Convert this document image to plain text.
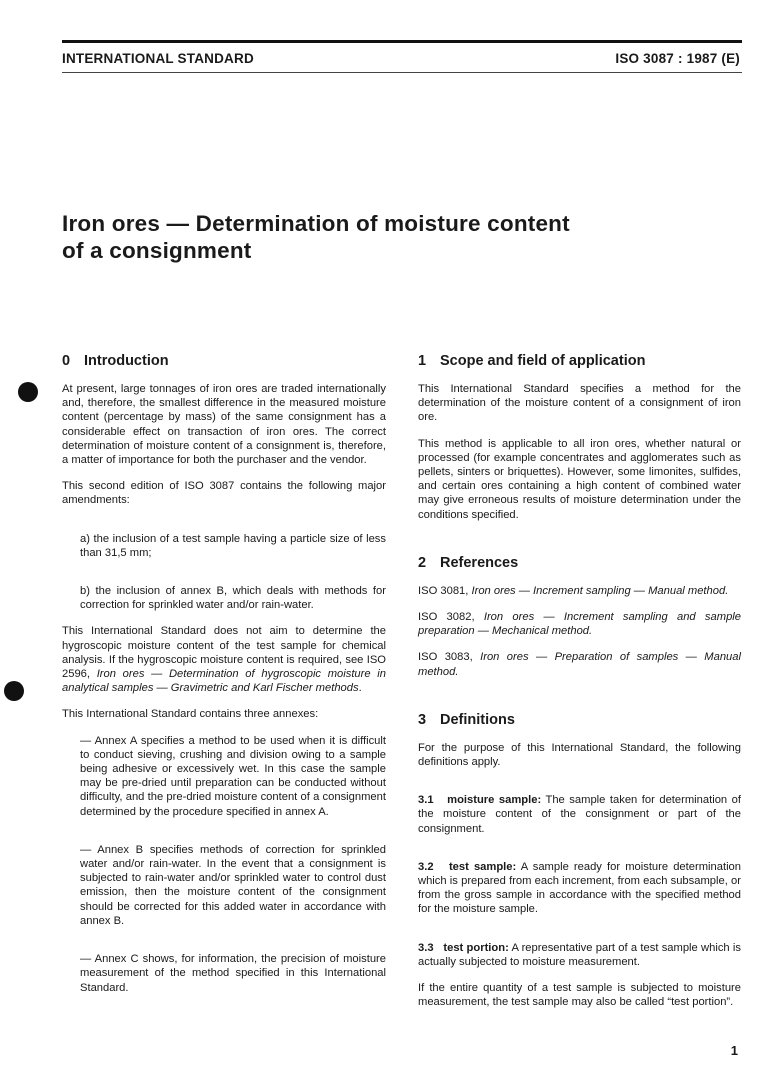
INTERNATIONAL STANDARD	ISO 3087 : 1987 (E)
Iron ores — Determination of moisture content
of a consignment
0 Introduction

At present, large tonnages of iron ores are traded internationally and, therefore, the smallest difference in the measured moisture content (percentage by mass) of the same consignment has a considerable effect on transaction of iron ores. The correct determination of moisture content of a consignment is, therefore, a matter of importance for both the purchaser and the vendor.

This second edition of ISO 3087 contains the following major amendments:

a) the inclusion of a test sample having a particle size of less than 31,5 mm;

b) the inclusion of annex B, which deals with methods for correction for sprinkled water and/or rain-water.

This International Standard does not aim to determine the hygroscopic moisture content of the test sample for chemical analysis. If the hygroscopic moisture content is required, see ISO 2596, Iron ores — Determination of hygroscopic moisture in analytical samples — Gravimetric and Karl Fischer methods.

This International Standard contains three annexes:

— Annex A specifies a method to be used when it is difficult to conduct sieving, crushing and division owing to a sample being adhesive or excessively wet. In this case the sample may be pre-dried until preparation can be conducted without difficulty, and the pre-dried moisture content of a consignment determined by the procedure specified in annex A.

— Annex B specifies methods of correction for sprinkled water and/or rain-water. In the event that a consignment is subjected to rain-water and/or sprinkled water to control dust emission, then the moisture content of the consignment should be corrected for this added water in accordance with annex B.

— Annex C shows, for information, the precision of moisture measurement of the method specified in this International Standard.

1 Scope and field of application

This International Standard specifies a method for the determination of the moisture content of a consignment of iron ore.

This method is applicable to all iron ores, whether natural or processed (for example concentrates and agglomerates such as pellets, sinters or briquettes). However, some limonites, sulfides, and certain ores containing a high content of combined water may give erroneous results of moisture determination under the conditions specified.

2 References

ISO 3081, Iron ores — Increment sampling — Manual method.

ISO 3082, Iron ores — Increment sampling and sample preparation — Mechanical method.

ISO 3083, Iron ores — Preparation of samples — Manual method.

3 Definitions

For the purpose of this International Standard, the following definitions apply.

3.1 moisture sample: The sample taken for determination of the moisture content of the consignment or part of the consignment.

3.2 test sample: A sample ready for moisture determination which is prepared from each increment, from each subsample, or from the gross sample in accordance with the specified method for the moisture sample.

3.3 test portion: A representative part of a test sample which is actually subjected to moisture measurement.

If the entire quantity of a test sample is subjected to moisture measurement, the test sample may also be called “test portion”.

1
